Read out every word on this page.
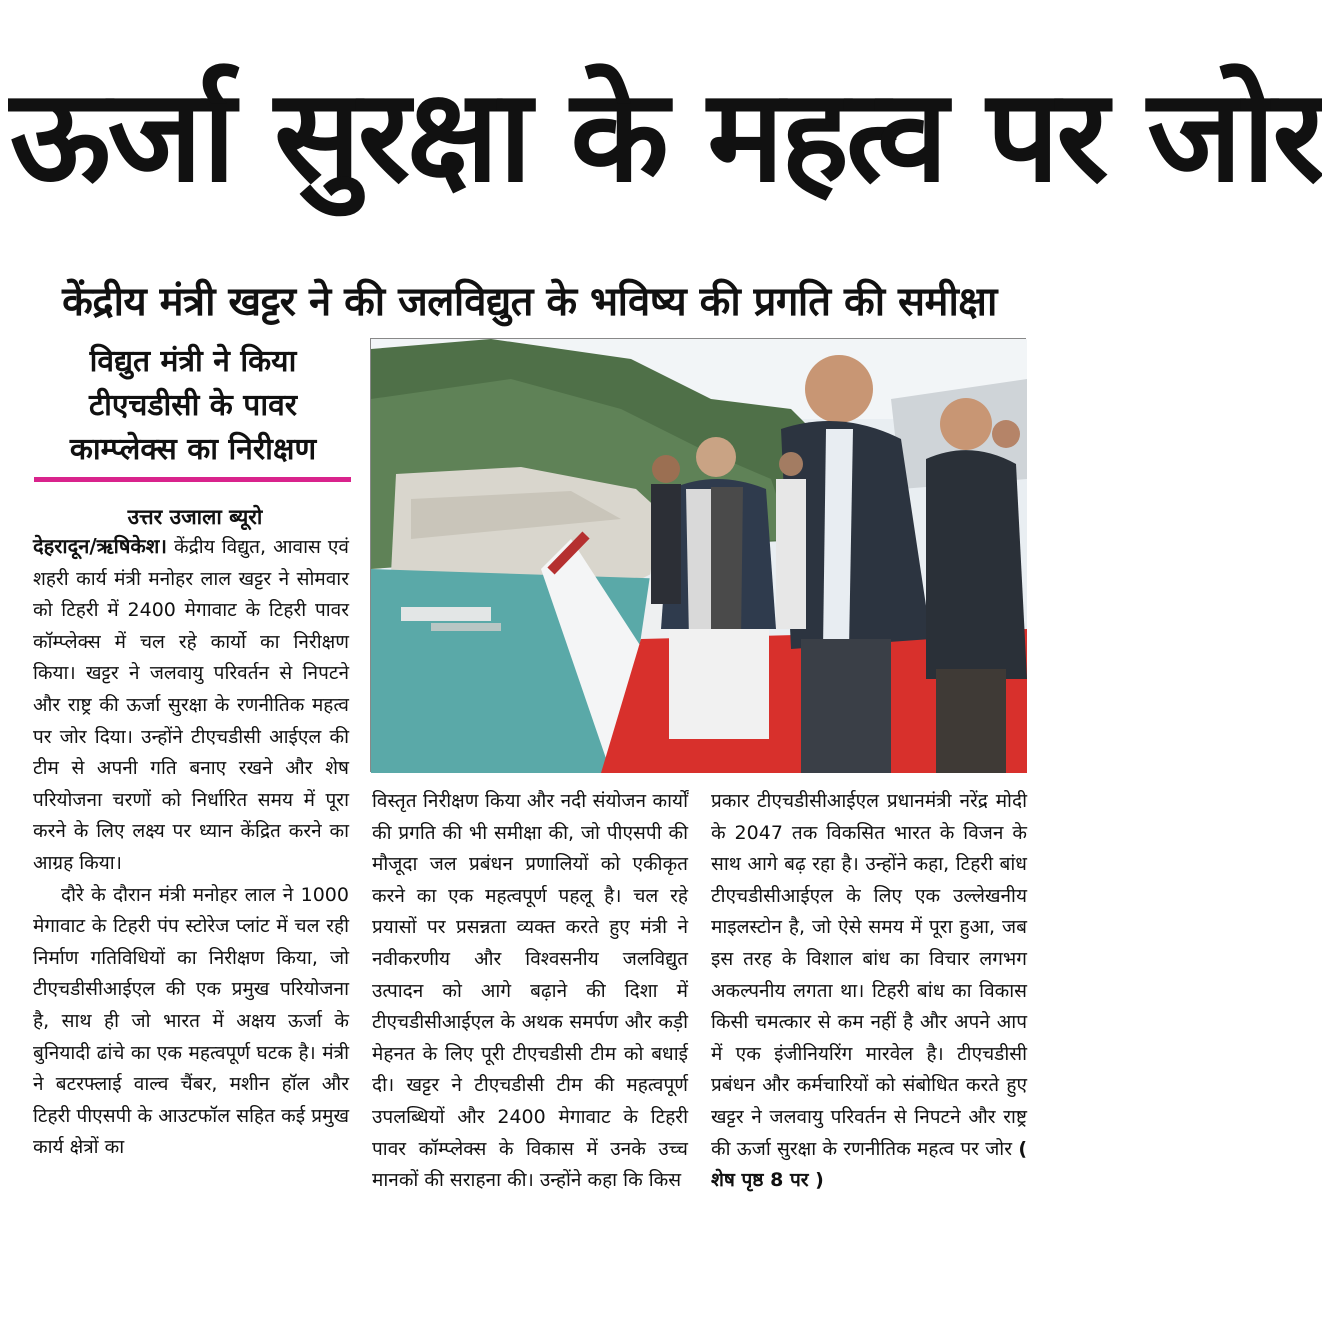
ऊर्जा सुरक्षा के महत्व पर जोर
केंद्रीय मंत्री खट्टर ने की जलविद्युत के भविष्य की प्रगति की समीक्षा
विद्युत मंत्री ने किया
टीएचडीसी के पावर
काम्प्लेक्स का निरीक्षण
उत्तर उजाला ब्यूरो

देहरादून/ऋषिकेश। केंद्रीय विद्युत, आवास एवं शहरी कार्य मंत्री मनोहर लाल खट्टर ने सोमवार को टिहरी में 2400 मेगावाट के टिहरी पावर कॉम्प्लेक्स में चल रहे कार्यो का निरीक्षण किया। खट्टर ने जलवायु परिवर्तन से निपटने और राष्ट्र की ऊर्जा सुरक्षा के रणनीतिक महत्व पर जोर दिया। उन्होंने टीएचडीसी आईएल की टीम से अपनी गति बनाए रखने और शेष परियोजना चरणों को निर्धारित समय में पूरा करने के लिए लक्ष्य पर ध्यान केंद्रित करने का आग्रह किया।

दौरे के दौरान मंत्री मनोहर लाल ने 1000 मेगावाट के टिहरी पंप स्टोरेज प्लांट में चल रही निर्माण गतिविधियों का निरीक्षण किया, जो टीएचडीसीआईएल की एक प्रमुख परियोजना है, साथ ही जो भारत में अक्षय ऊर्जा के बुनियादी ढांचे का एक महत्वपूर्ण घटक है। मंत्री ने बटरफ्लाई वाल्व चैंबर, मशीन हॉल और टिहरी पीएसपी के आउटफॉल सहित कई प्रमुख कार्य क्षेत्रों का

विस्तृत निरीक्षण किया और नदी संयोजन कार्यों की प्रगति की भी समीक्षा की, जो पीएसपी की मौजूदा जल प्रबंधन प्रणालियों को एकीकृत करने का एक महत्वपूर्ण पहलू है। चल रहे प्रयासों पर प्रसन्नता व्यक्त करते हुए मंत्री ने नवीकरणीय और विश्वसनीय जलविद्युत उत्पादन को आगे बढ़ाने की दिशा में टीएचडीसीआईएल के अथक समर्पण और कड़ी मेहनत के लिए पूरी टीएचडीसी टीम को बधाई दी। खट्टर ने टीएचडीसी टीम की महत्वपूर्ण उपलब्धियों और 2400 मेगावाट के टिहरी पावर कॉम्प्लेक्स के विकास में उनके उच्च मानकों की सराहना की। उन्होंने कहा कि किस

प्रकार टीएचडीसीआईएल प्रधानमंत्री नरेंद्र मोदी के 2047 तक विकसित भारत के विजन के साथ आगे बढ़ रहा है। उन्होंने कहा, टिहरी बांध टीएचडीसीआईएल के लिए एक उल्लेखनीय माइलस्टोन है, जो ऐसे समय में पूरा हुआ, जब इस तरह के विशाल बांध का विचार लगभग अकल्पनीय लगता था। टिहरी बांध का विकास किसी चमत्कार से कम नहीं है और अपने आप में एक इंजीनियरिंग मारवेल है। टीएचडीसी प्रबंधन और कर्मचारियों को संबोधित करते हुए खट्टर ने जलवायु परिवर्तन से निपटने और राष्ट्र की ऊर्जा सुरक्षा के रणनीतिक महत्व पर जोर ( शेष पृष्ठ 8 पर )
